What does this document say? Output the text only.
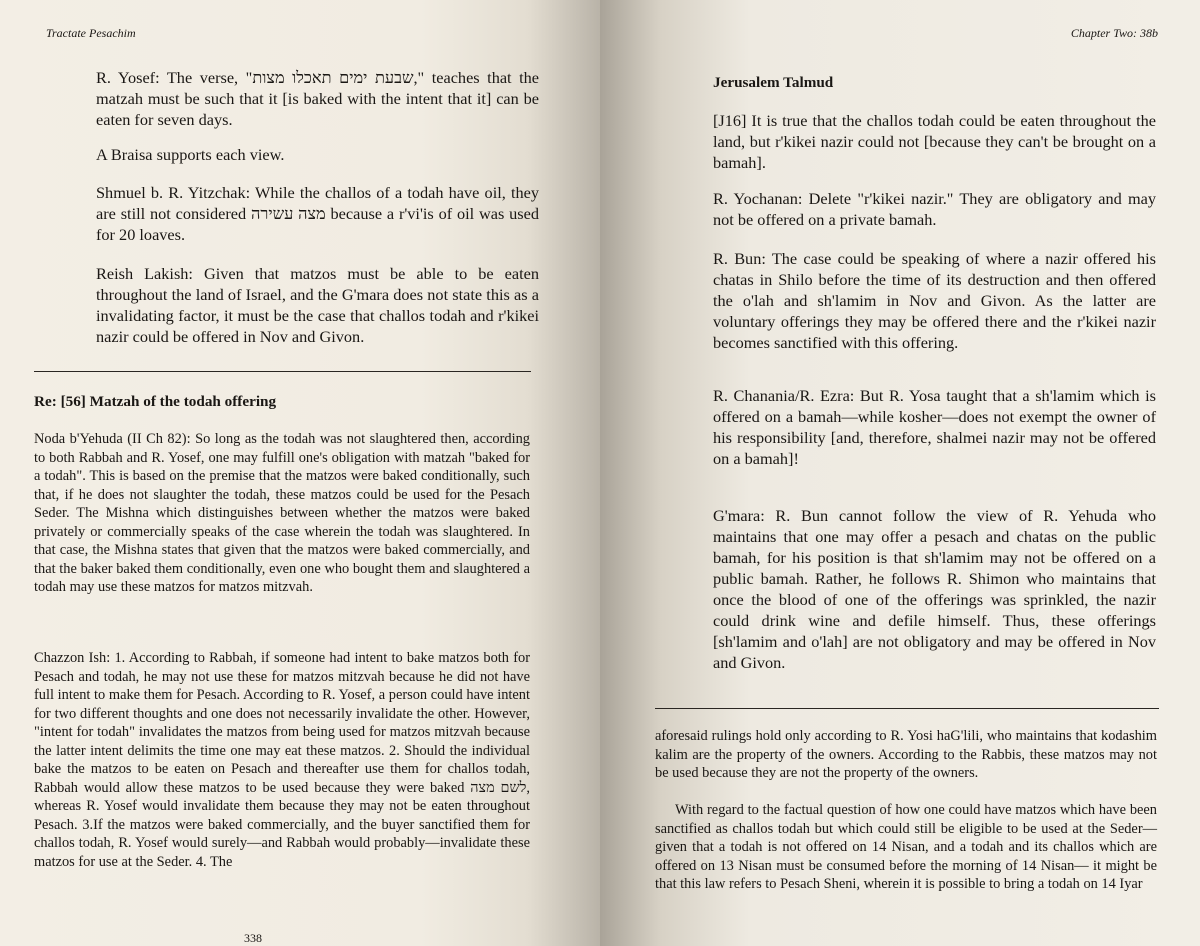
Tractate Pesachim

R. Yosef: The verse, "שבעת ימים תאכלו מצות," teaches that the matzah must be such that it [is baked with the intent that it] can be eaten for seven days.

A Braisa supports each view.

Shmuel b. R. Yitzchak: While the challos of a todah have oil, they are still not considered מצה עשירה because a r'vi'is of oil was used for 20 loaves.

Reish Lakish: Given that matzos must be able to be eaten throughout the land of Israel, and the G'mara does not state this as a invalidating factor, it must be the case that challos todah and r'kikei nazir could be offered in Nov and Givon.

Re: [56] Matzah of the todah offering

Noda b'Yehuda (II Ch 82): So long as the todah was not slaughtered then, according to both Rabbah and R. Yosef, one may fulfill one's obligation with matzah "baked for a todah". This is based on the premise that the matzos were baked conditionally, such that, if he does not slaughter the todah, these matzos could be used for the Pesach Seder. The Mishna which distinguishes between whether the matzos were baked privately or commercially speaks of the case wherein the todah was slaughtered. In that case, the Mishna states that given that the matzos were baked commercially, and that the baker baked them conditionally, even one who bought them and slaughtered a todah may use these matzos for matzos mitzvah.

Chazzon Ish: 1. According to Rabbah, if someone had intent to bake matzos both for Pesach and todah, he may not use these for matzos mitzvah because he did not have full intent to make them for Pesach. According to R. Yosef, a person could have intent for two different thoughts and one does not necessarily invalidate the other. However, "intent for todah" invalidates the matzos from being used for matzos mitzvah because the latter intent delimits the time one may eat these matzos. 2. Should the individual bake the matzos to be eaten on Pesach and thereafter use them for challos todah, Rabbah would allow these matzos to be used because they were baked לשם מצה, whereas R. Yosef would invalidate them because they may not be eaten throughout Pesach. 3.If the matzos were baked commercially, and the buyer sanctified them for challos todah, R. Yosef would surely—and Rabbah would probably—invalidate these matzos for use at the Seder. 4. The

338
Chapter Two: 38b
Jerusalem Talmud

[J16] It is true that the challos todah could be eaten throughout the land, but r'kikei nazir could not [because they can't be brought on a bamah].

R. Yochanan: Delete "r'kikei nazir." They are obligatory and may not be offered on a private bamah.

R. Bun: The case could be speaking of where a nazir offered his chatas in Shilo before the time of its destruction and then offered the o'lah and sh'lamim in Nov and Givon. As the latter are voluntary offerings they may be offered there and the r'kikei nazir becomes sanctified with this offering.

R. Chanania/R. Ezra: But R. Yosa taught that a sh'lamim which is offered on a bamah—while kosher—does not exempt the owner of his responsibility [and, therefore, shalmei nazir may not be offered on a bamah]!

G'mara: R. Bun cannot follow the view of R. Yehuda who maintains that one may offer a pesach and chatas on the public bamah, for his position is that sh'lamim may not be offered on a public bamah. Rather, he follows R. Shimon who maintains that once the blood of one of the offerings was sprinkled, the nazir could drink wine and defile himself. Thus, these offerings [sh'lamim and o'lah] are not obligatory and may be offered in Nov and Givon.

aforesaid rulings hold only according to R. Yosi haG'lili, who maintains that kodashim kalim are the property of the owners. According to the Rabbis, these matzos may not be used because they are not the property of the owners.

With regard to the factual question of how one could have matzos which have been sanctified as challos todah but which could still be eligible to be used at the Seder— given that a todah is not offered on 14 Nisan, and a todah and its challos which are offered on 13 Nisan must be consumed before the morning of 14 Nisan— it might be that this law refers to Pesach Sheni, wherein it is possible to bring a todah on 14 Iyar
